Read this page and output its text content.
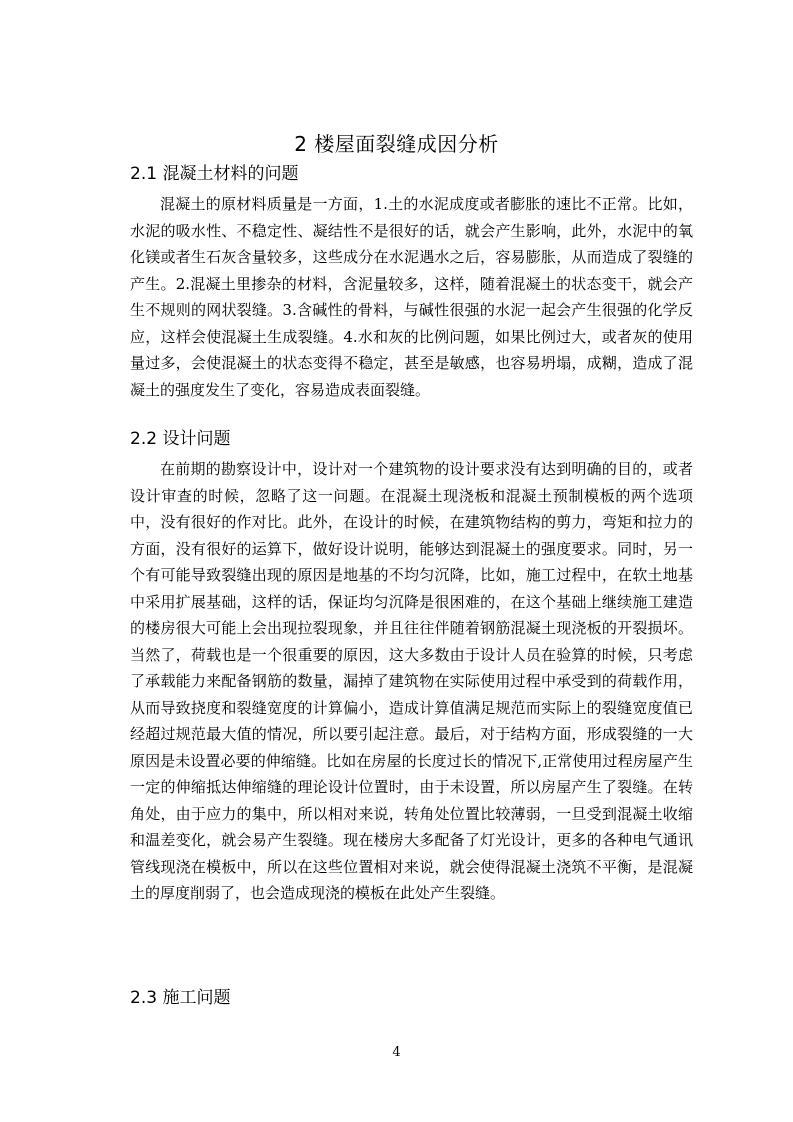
2 楼屋面裂缝成因分析
2.1 混凝土材料的问题

混凝土的原材料质量是一方面，1.土的水泥成度或者膨胀的速比不正常。比如，水泥的吸水性、不稳定性、凝结性不是很好的话，就会产生影响，此外，水泥中的氧化镁或者生石灰含量较多，这些成分在水泥遇水之后，容易膨胀，从而造成了裂缝的产生。2.混凝土里掺杂的材料，含泥量较多，这样，随着混凝土的状态变干，就会产生不规则的网状裂缝。3.含碱性的骨料，与碱性很强的水泥一起会产生很强的化学反应，这样会使混凝土生成裂缝。4.水和灰的比例问题，如果比例过大，或者灰的使用量过多，会使混凝土的状态变得不稳定，甚至是敏感，也容易坍塌，成糊，造成了混凝土的强度发生了变化，容易造成表面裂缝。

2.2 设计问题

在前期的勘察设计中，设计对一个建筑物的设计要求没有达到明确的目的，或者设计审查的时候，忽略了这一问题。在混凝土现浇板和混凝土预制模板的两个选项中，没有很好的作对比。此外，在设计的时候，在建筑物结构的剪力，弯矩和拉力的方面，没有很好的运算下，做好设计说明，能够达到混凝土的强度要求。同时，另一个有可能导致裂缝出现的原因是地基的不均匀沉降，比如，施工过程中，在软土地基中采用扩展基础，这样的话，保证均匀沉降是很困难的，在这个基础上继续施工建造的楼房很大可能上会出现拉裂现象，并且往往伴随着钢筋混凝土现浇板的开裂损坏。当然了，荷载也是一个很重要的原因，这大多数由于设计人员在验算的时候，只考虑了承载能力来配备钢筋的数量，漏掉了建筑物在实际使用过程中承受到的荷载作用，从而导致挠度和裂缝宽度的计算偏小，造成计算值满足规范而实际上的裂缝宽度值已经超过规范最大值的情况，所以要引起注意。最后，对于结构方面，形成裂缝的一大原因是未设置必要的伸缩缝。比如在房屋的长度过长的情况下,正常使用过程房屋产生一定的伸缩抵达伸缩缝的理论设计位置时，由于未设置，所以房屋产生了裂缝。在转角处，由于应力的集中，所以相对来说，转角处位置比较薄弱，一旦受到混凝土收缩和温差变化，就会易产生裂缝。现在楼房大多配备了灯光设计，更多的各种电气通讯管线现浇在模板中，所以在这些位置相对来说，就会使得混凝土浇筑不平衡，是混凝土的厚度削弱了，也会造成现浇的模板在此处产生裂缝。

2.3 施工问题
4
